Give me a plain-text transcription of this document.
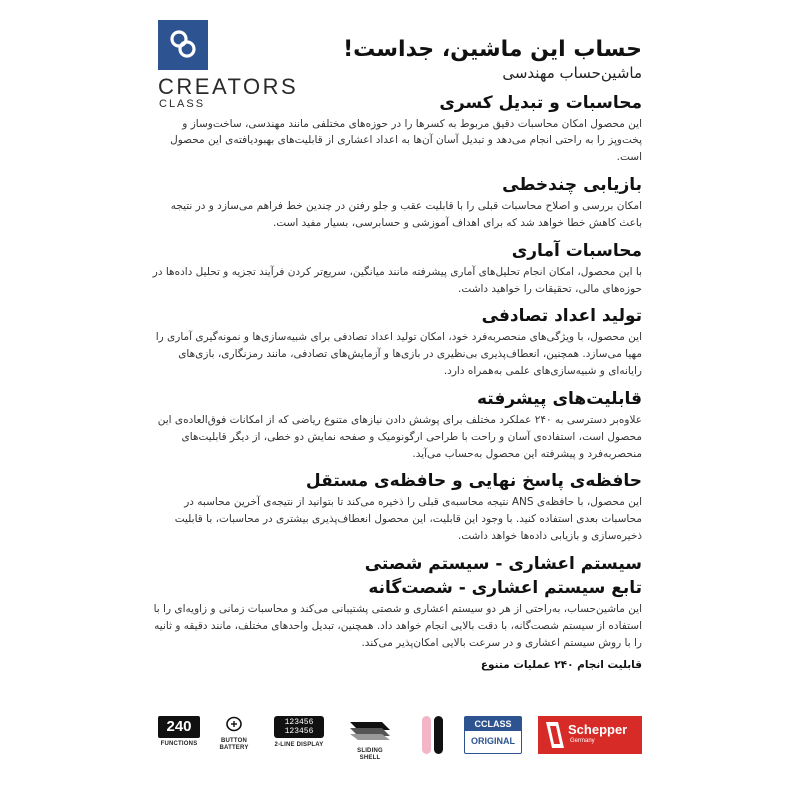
CREATORS
CLASS
حساب این ماشین، جداست!
ماشین‌حساب مهندسی
محاسبات و تبدیل کسری

این محصول امکان محاسبات دقیق مربوط به کسرها را در حوزه‌های مختلفی مانند مهندسی، ساخت‌وساز و پخت‌وپز را به راحتی انجام می‌دهد و تبدیل آسان آن‌ها به اعداد اعشاری از قابلیت‌های بهبودیافته‌ی این محصول است.

بازیابی چندخطی

امکان بررسی و اصلاح محاسبات قبلی را با قابلیت عقب و جلو رفتن در چندین خط فراهم می‌سازد و در نتیجه باعث کاهش خطا خواهد شد که برای اهداف آموزشی و حسابرسی، بسیار مفید است.

محاسبات آماری

با این محصول، امکان انجام تحلیل‌های آماری پیشرفته مانند میانگین، سریع‌تر کردن فرآیند تجزیه و تحلیل داده‌ها در حوزه‌های مالی، تحقیقات را خواهید داشت.

تولید اعداد تصادفی

این محصول، با ویژگی‌های منحصربه‌فرد خود، امکان تولید اعداد تصادفی برای شبیه‌سازی‌ها و نمونه‌گیری آماری را مهیا می‌سازد. همچنین، انعطاف‌پذیری بی‌نظیری در بازی‌ها و آزمایش‌های تصادفی، مانند رمزنگاری، بازی‌های رایانه‌ای و شبیه‌سازی‌های علمی به‌همراه دارد.

قابلیت‌های پیشرفته

علاوه‌بر دسترسی به ۲۴۰ عملکرد مختلف برای پوشش دادن نیازهای متنوع ریاضی که از امکانات فوق‌العاده‌ی این محصول است، استفاده‌ی آسان و راحت با طراحی ارگونومیک و صفحه نمایش دو خطی، از دیگر قابلیت‌های منحصربه‌فرد و پیشرفته این محصول به‌حساب می‌آید.

حافظه‌ی پاسخ نهایی و حافظه‌ی مستقل

این محصول، با حافظه‌ی ANS نتیجه محاسبه‌ی قبلی را ذخیره می‌کند تا بتوانید از نتیجه‌ی آخرین محاسبه در محاسبات بعدی استفاده کنید. با وجود این قابلیت، این محصول انعطاف‌پذیری بیشتری در محاسبات، با قابلیت ذخیره‌سازی و بازیابی داده‌ها خواهد داشت.

سیستم اعشاری - سیستم شصتی
تابع سیستم اعشاری - شصت‌گانه

این ماشین‌حساب، به‌راحتی از هر دو سیستم اعشاری و شصتی پشتیبانی می‌کند و محاسبات زمانی و زاویه‌ای را با استفاده از سیستم شصت‌گانه، با دقت بالایی انجام خواهد داد. همچنین، تبدیل واحدهای مختلف، مانند دقیقه و ثانیه را با روش سیستم اعشاری و در سرعت بالایی امکان‌پذیر می‌کند.

قابلیت انجام ۲۴۰ عملیات متنوع
240
FUNCTIONS	BUTTON
BATTERY
123456
123456
2-LINE DISPLAY
SLIDING SHELL
CCLASS
ORIGINAL
Schepper
Germany
